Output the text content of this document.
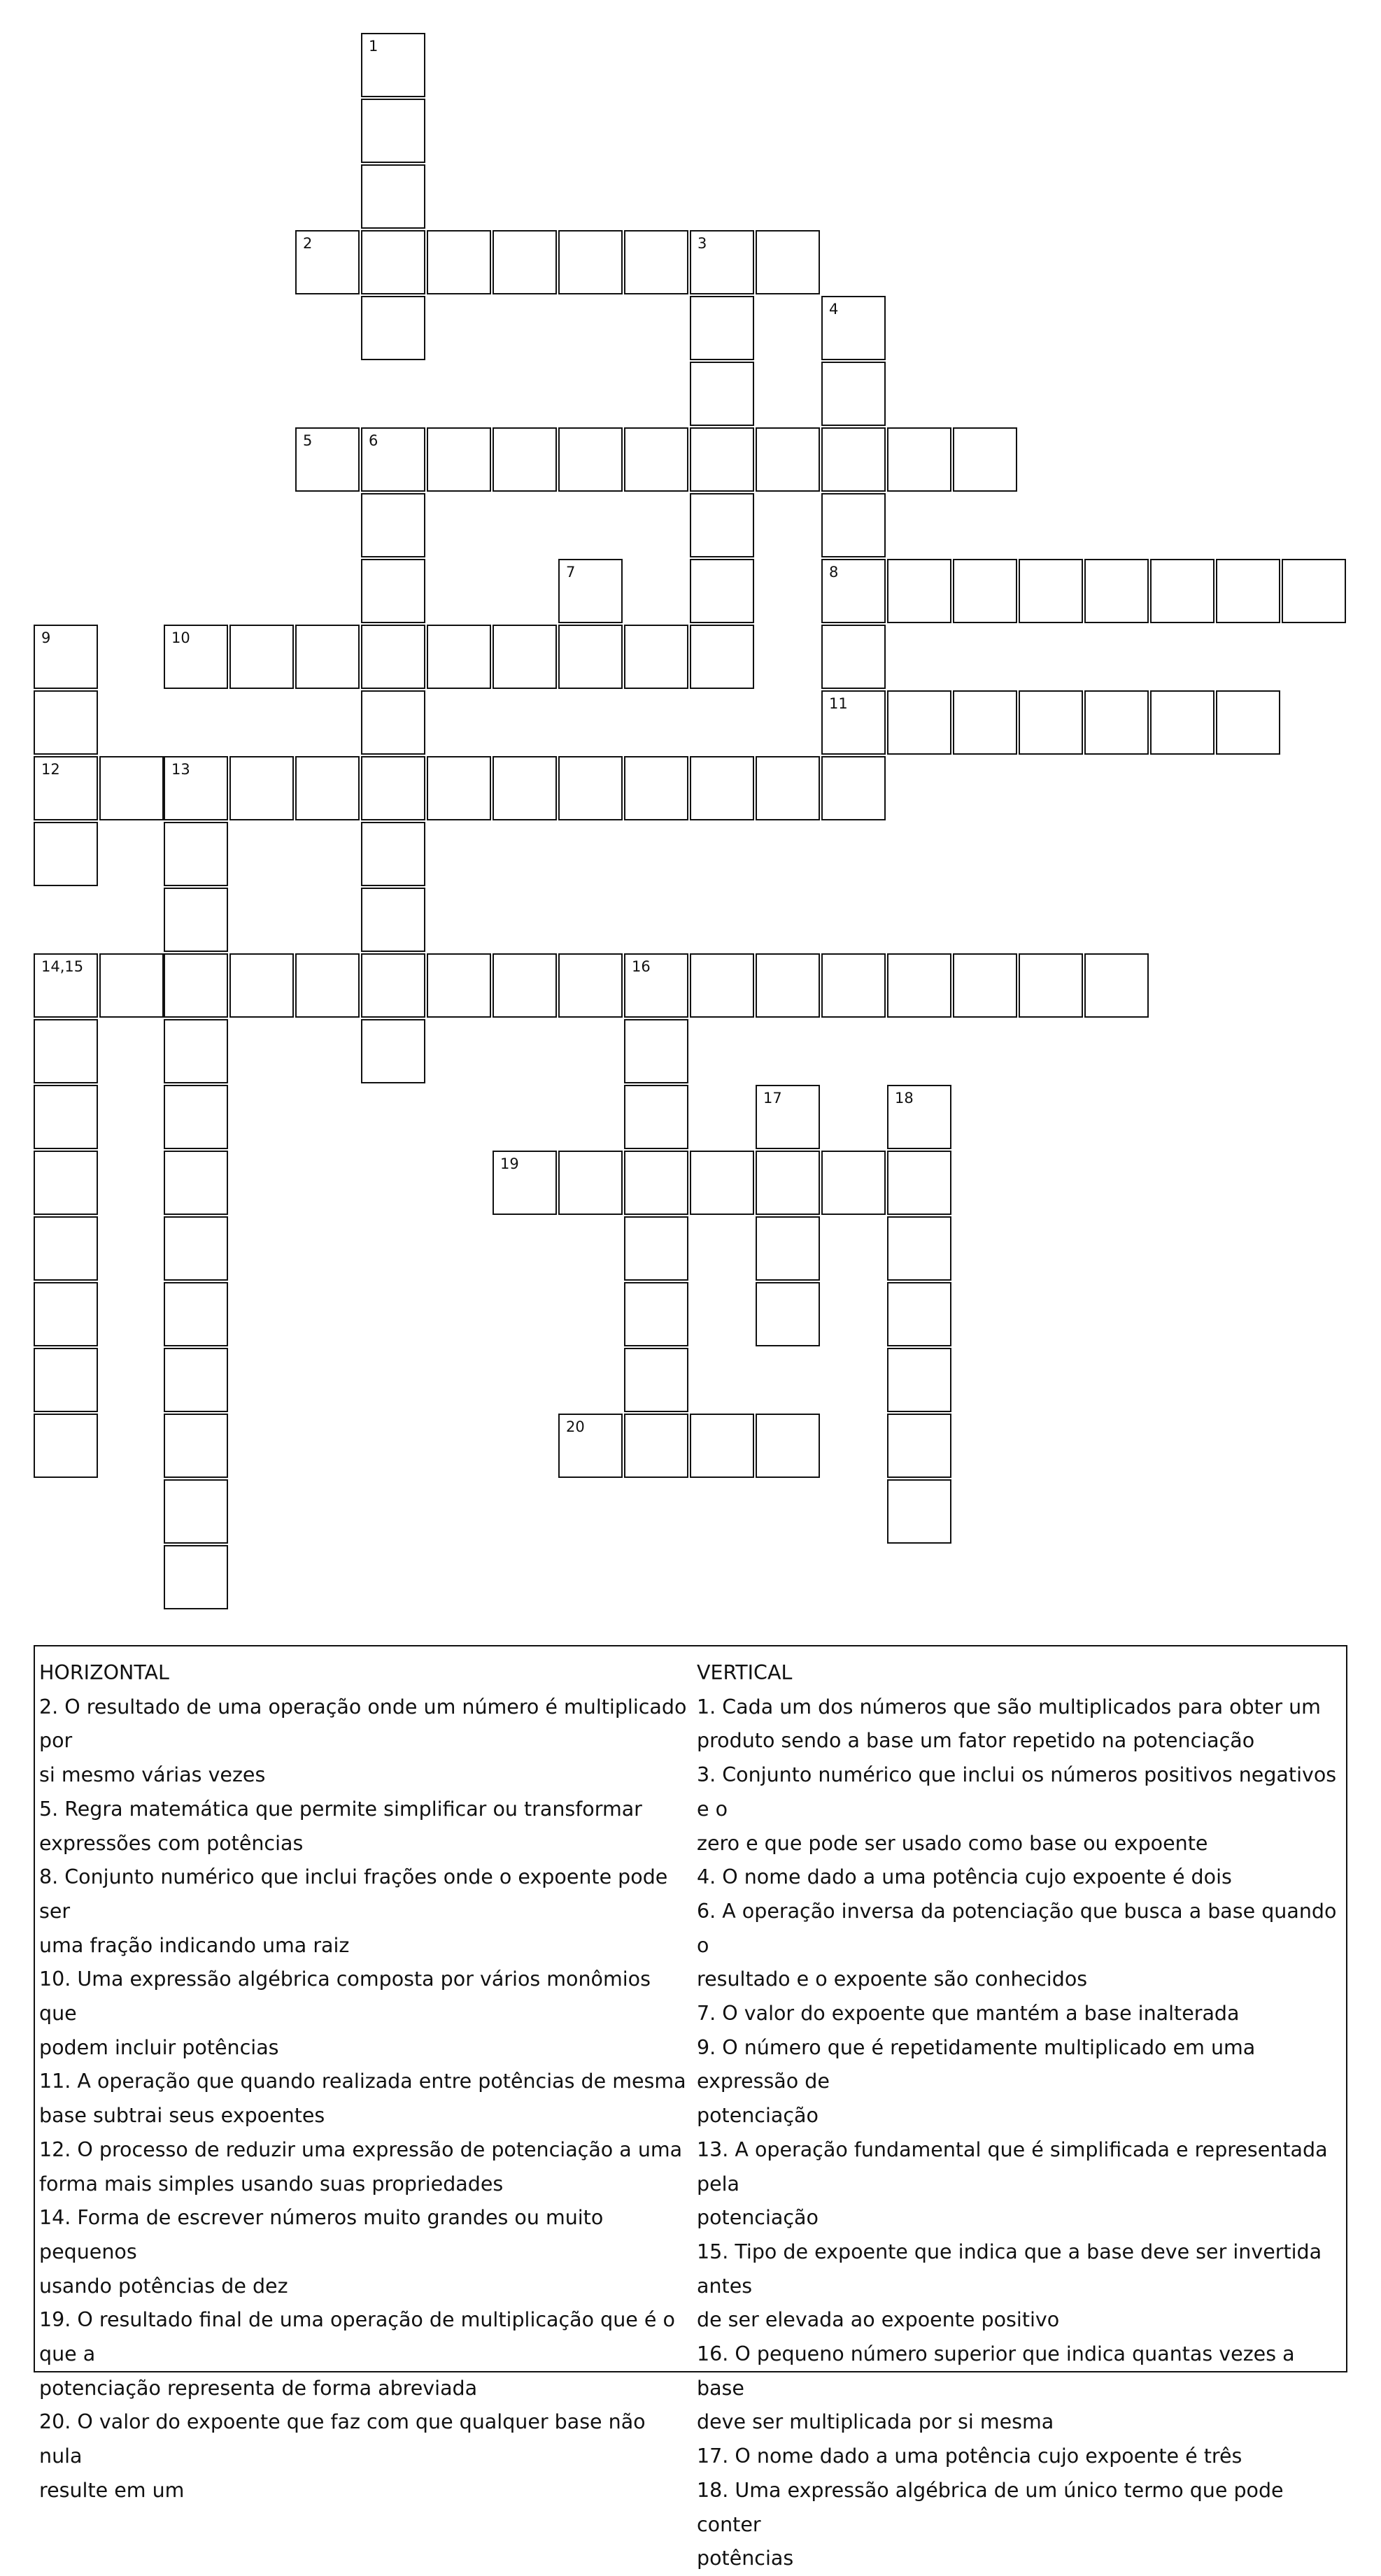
1
2	3
4
5	6
7	8
9	10
11
12	13
14,15	16
17	18
19
20
HORIZONTAL
2. O resultado de uma operação onde um número é multiplicado por
si mesmo várias vezes
5. Regra matemática que permite simplificar ou transformar
expressões com potências
8. Conjunto numérico que inclui frações onde o expoente pode ser
uma fração indicando uma raiz
10. Uma expressão algébrica composta por vários monômios que
podem incluir potências
11. A operação que quando realizada entre potências de mesma
base subtrai seus expoentes
12. O processo de reduzir uma expressão de potenciação a uma
forma mais simples usando suas propriedades
14. Forma de escrever números muito grandes ou muito pequenos
usando potências de dez
19. O resultado final de uma operação de multiplicação que é o que a
potenciação representa de forma abreviada
20. O valor do expoente que faz com que qualquer base não nula
resulte em um
VERTICAL
1. Cada um dos números que são multiplicados para obter um
produto sendo a base um fator repetido na potenciação
3. Conjunto numérico que inclui os números positivos negativos e o
zero e que pode ser usado como base ou expoente
4. O nome dado a uma potência cujo expoente é dois
6. A operação inversa da potenciação que busca a base quando o
resultado e o expoente são conhecidos
7. O valor do expoente que mantém a base inalterada
9. O número que é repetidamente multiplicado em uma expressão de
potenciação
13. A operação fundamental que é simplificada e representada pela
potenciação
15. Tipo de expoente que indica que a base deve ser invertida antes
de ser elevada ao expoente positivo
16. O pequeno número superior que indica quantas vezes a base
deve ser multiplicada por si mesma
17. O nome dado a uma potência cujo expoente é três
18. Uma expressão algébrica de um único termo que pode conter
potências
